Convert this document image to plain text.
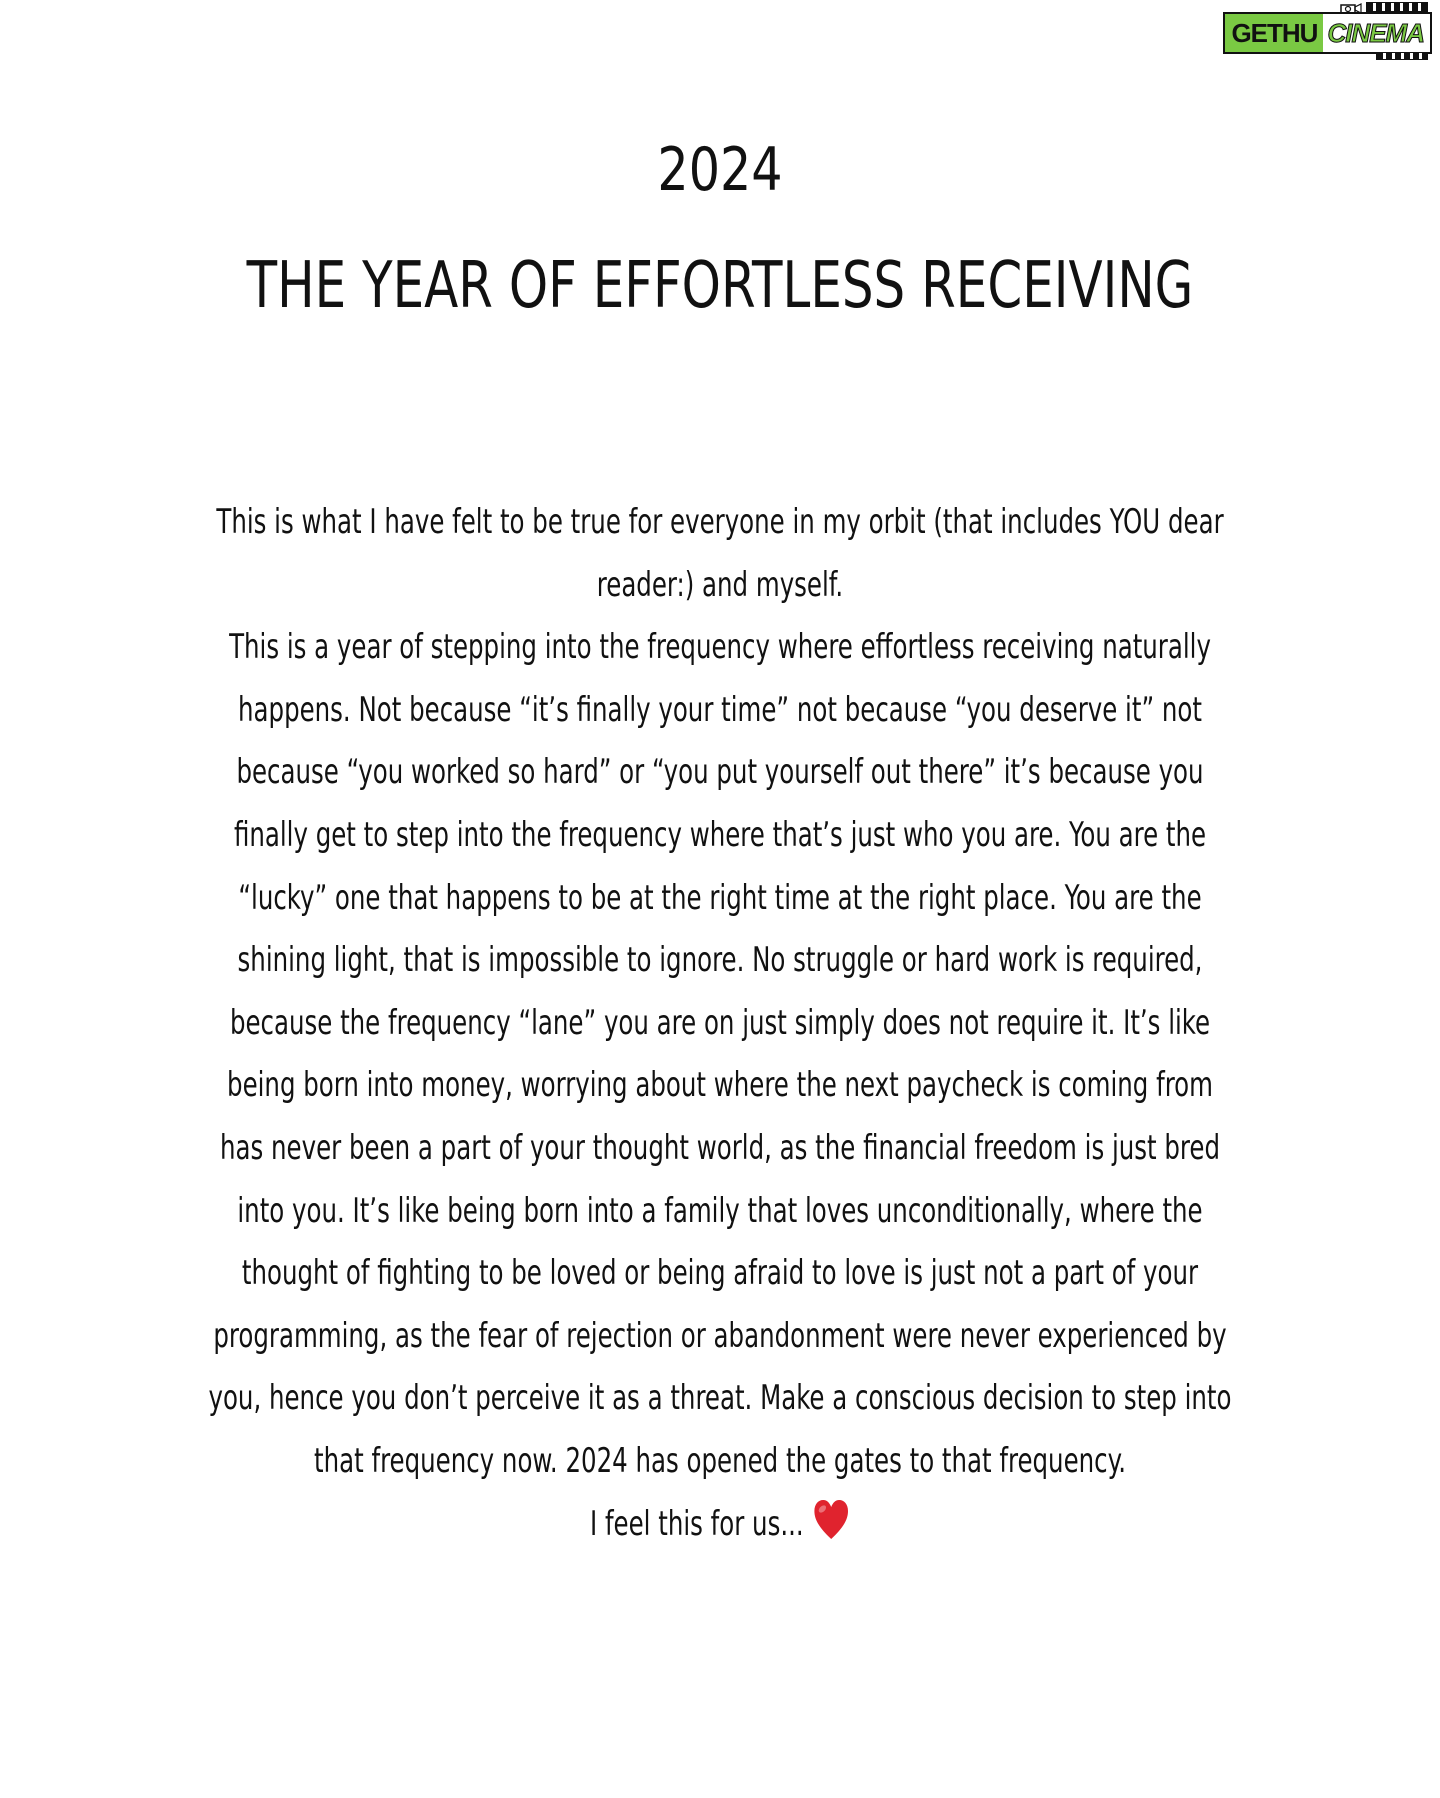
GETHU CINEMA
2024
THE YEAR OF EFFORTLESS RECEIVING
This is what I have felt to be true for everyone in my orbit (that includes YOU dear
reader:) and myself.
This is a year of stepping into the frequency where effortless receiving naturally
happens. Not because “it’s finally your time” not because “you deserve it” not
because “you worked so hard” or “you put yourself out there” it’s because you
finally get to step into the frequency where that’s just who you are. You are the
“lucky” one that happens to be at the right time at the right place. You are the
shining light, that is impossible to ignore. No struggle or hard work is required,
because the frequency “lane” you are on just simply does not require it. It’s like
being born into money, worrying about where the next paycheck is coming from
has never been a part of your thought world, as the financial freedom is just bred
into you. It’s like being born into a family that loves unconditionally, where the
thought of fighting to be loved or being afraid to love is just not a part of your
programming, as the fear of rejection or abandonment were never experienced by
you, hence you don’t perceive it as a threat. Make a conscious decision to step into
that frequency now. 2024 has opened the gates to that frequency.
I feel this for us...
